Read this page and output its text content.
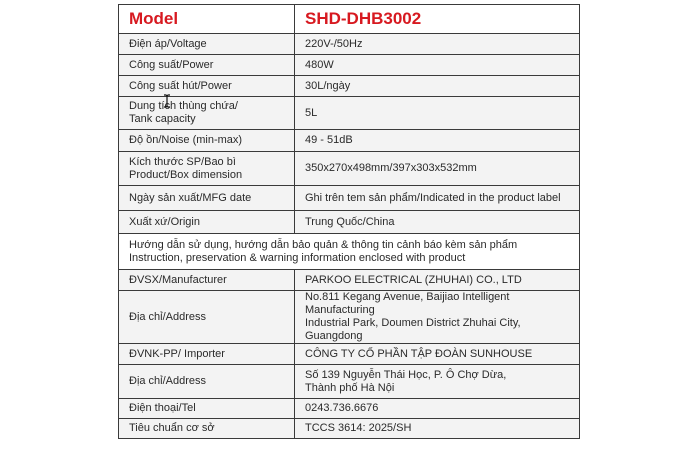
Model	SHD-DHB3002
Điện áp/Voltage	220V-/50Hz
Công suất/Power	480W
Công suất hút/Power	30L/ngày

Dung tích thùng chứa/
Tank capacity	5L
Độ ồn/Noise (min-max)	49 - 51dB

Kích thước SP/Bao bì
Product/Box dimension	350x270x498mm/397x303x532mm
Ngày sản xuất/MFG date	Ghi trên tem sản phẩm/Indicated in the product label
Xuất xứ/Origin	Trung Quốc/China

Hướng dẫn sử dụng, hướng dẫn bảo quản & thông tin cảnh báo kèm sản phẩm
Instruction, preservation & warning information enclosed with product	

ĐVSX/Manufacturer	PARKOO ELECTRICAL (ZHUHAI) CO., LTD
Địa chỉ/Address	No.811 Kegang Avenue, Baijiao Intelligent Manufacturing
Industrial Park, Doumen District Zhuhai City,
Guangdong

ĐVNK-PP/ Importer	CÔNG TY CỔ PHẦN TẬP ĐOÀN SUNHOUSE
Địa chỉ/Address	Số 139 Nguyễn Thái Học, P. Ô Chợ Dừa,
Thành phố Hà Nội

Điện thoại/Tel	0243.736.6676
Tiêu chuẩn cơ sở	TCCS 3614: 2025/SH
